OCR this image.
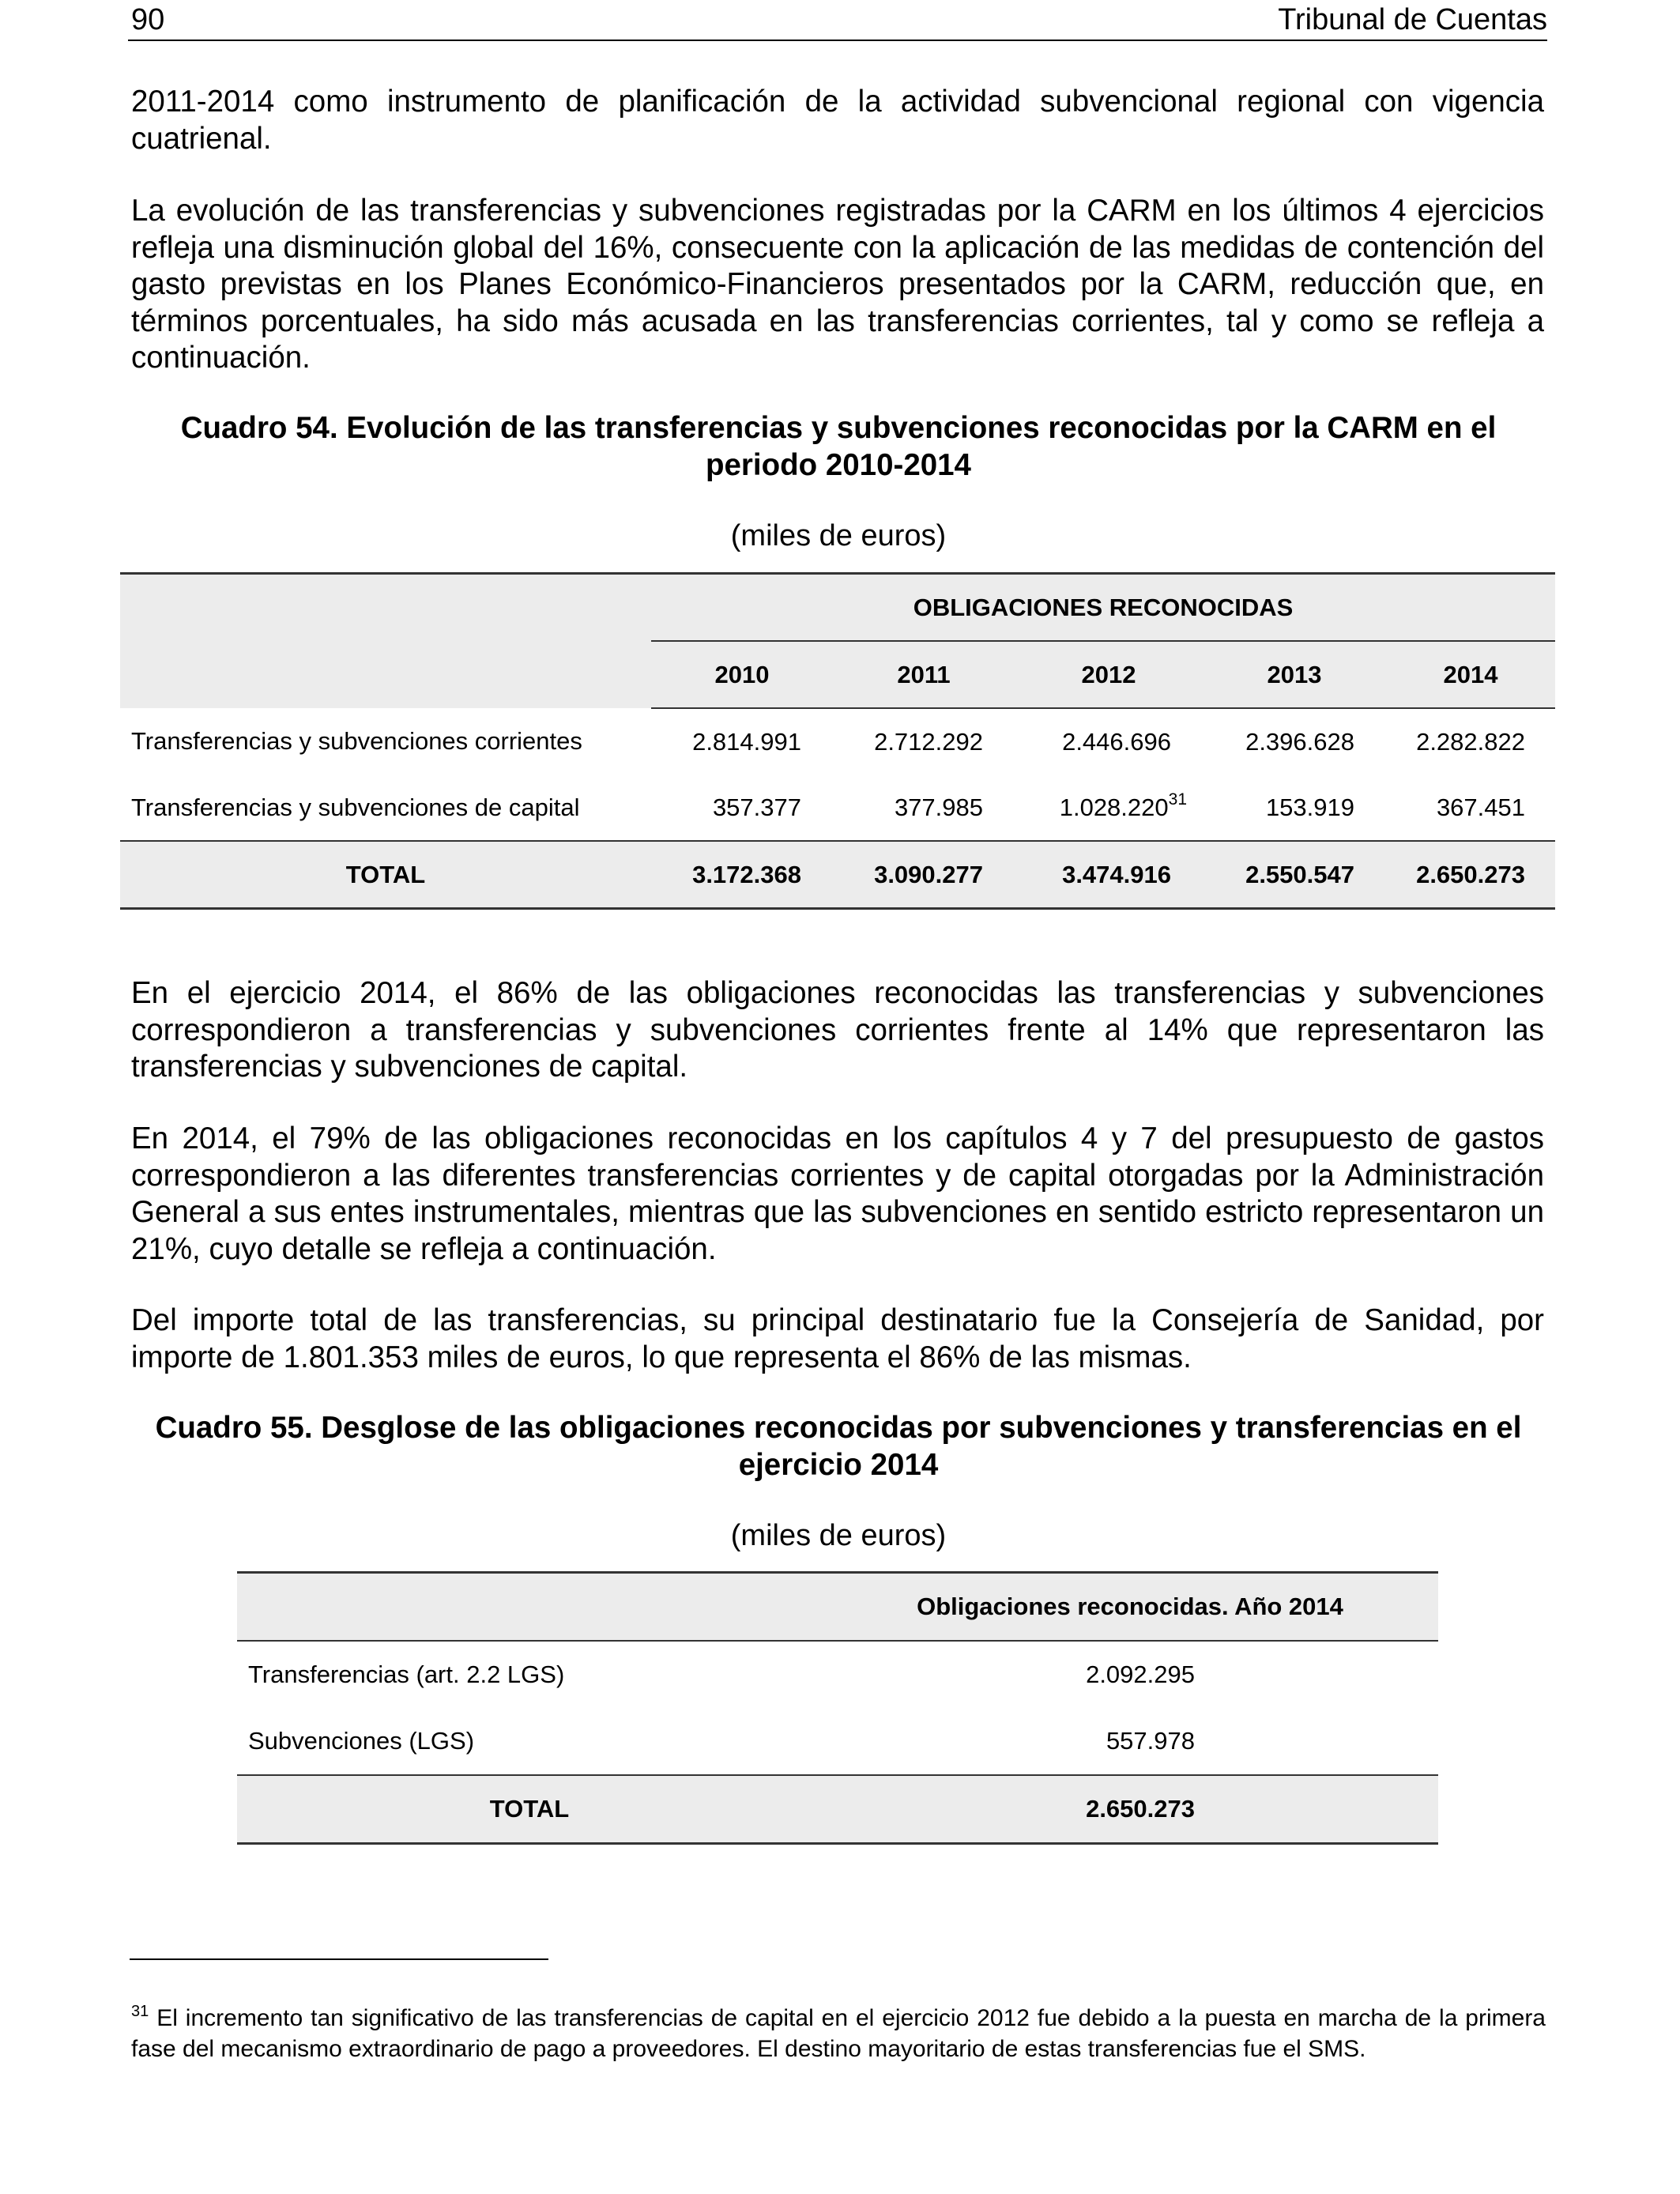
90	Tribunal de Cuentas

2011-2014 como instrumento de planificación de la actividad subvencional regional con vigencia cuatrienal.

La evolución de las transferencias y subvenciones registradas por la CARM en los últimos 4 ejercicios refleja una disminución global del 16%, consecuente con la aplicación de las medidas de contención del gasto previstas en los Planes Económico-Financieros presentados por la CARM, reducción que, en términos porcentuales, ha sido más acusada en las transferencias corrientes, tal y como se refleja a continuación.

Cuadro 54. Evolución de las transferencias y subvenciones reconocidas por la CARM en el periodo 2010-2014

(miles de euros)

	OBLIGACIONES RECONOCIDAS				
	2010	2011	2012	2013	2014
Transferencias y subvenciones corrientes	2.814.991	2.712.292	2.446.696	2.396.628	2.282.822
Transferencias y subvenciones de capital	357.377	377.985	1.028.220$^{31}$	153.919	367.451
TOTAL	3.172.368	3.090.277	3.474.916	2.550.547	2.650.273

En el ejercicio 2014, el 86% de las obligaciones reconocidas las transferencias y subvenciones correspondieron a transferencias y subvenciones corrientes frente al 14% que representaron las transferencias y subvenciones de capital.

En 2014, el 79% de las obligaciones reconocidas en los capítulos 4 y 7 del presupuesto de gastos correspondieron a las diferentes transferencias corrientes y de capital otorgadas por la Administración General a sus entes instrumentales, mientras que las subvenciones en sentido estricto representaron un 21%, cuyo detalle se refleja a continuación.

Del importe total de las transferencias, su principal destinatario fue la Consejería de Sanidad, por importe de 1.801.353 miles de euros, lo que representa el 86% de las mismas.

Cuadro 55. Desglose de las obligaciones reconocidas por subvenciones y transferencias en el ejercicio 2014

(miles de euros)

	Obligaciones reconocidas. Año 2014
Transferencias (art. 2.2 LGS)	2.092.295
Subvenciones (LGS)	557.978
TOTAL	2.650.273

$^{31}$ El incremento tan significativo de las transferencias de capital en el ejercicio 2012 fue debido a la puesta en marcha de la primera fase del mecanismo extraordinario de pago a proveedores. El destino mayoritario de estas transferencias fue el SMS.
